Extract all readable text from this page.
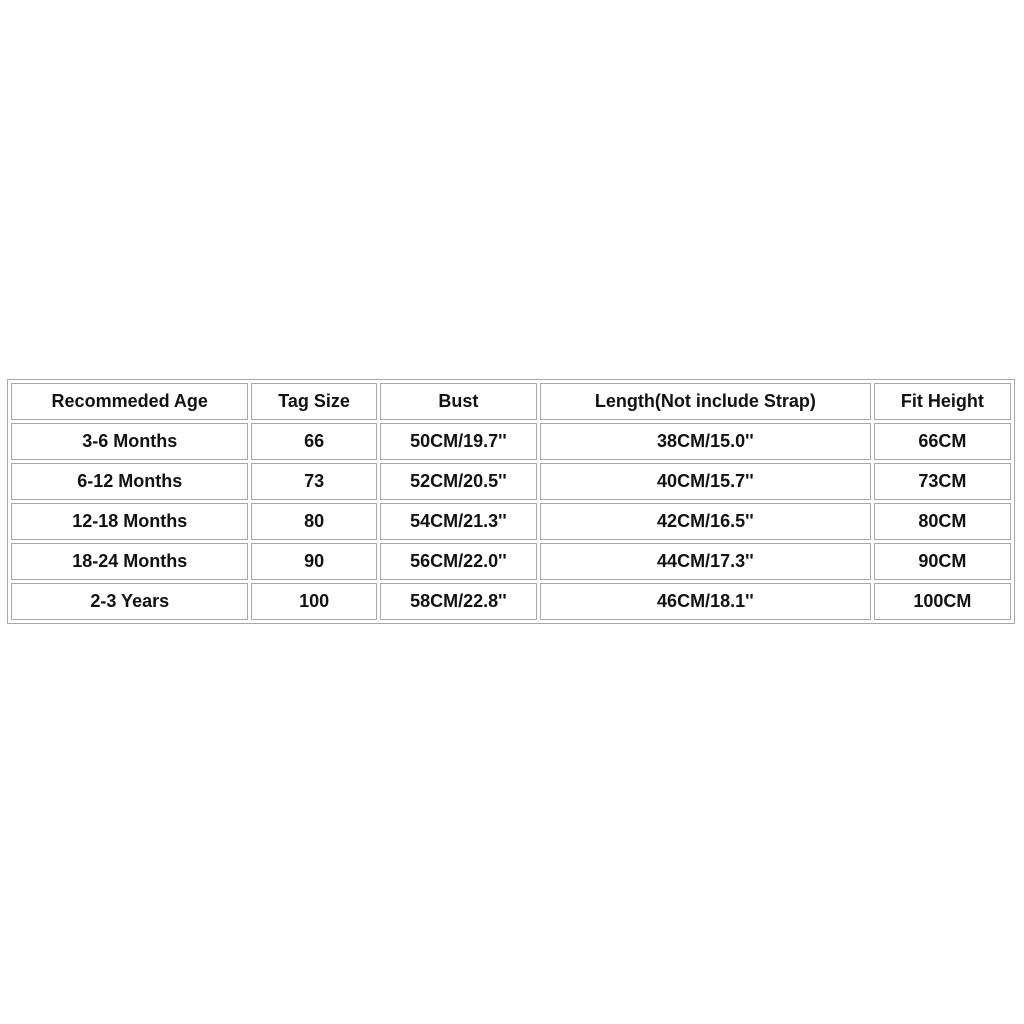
Recommeded Age	Tag Size	Bust	Length(Not include Strap)	Fit Height
3-6 Months	66	50CM/19.7''	38CM/15.0''	66CM
6-12 Months	73	52CM/20.5''	40CM/15.7''	73CM
12-18 Months	80	54CM/21.3''	42CM/16.5''	80CM
18-24 Months	90	56CM/22.0''	44CM/17.3''	90CM
2-3 Years	100	58CM/22.8''	46CM/18.1''	100CM
